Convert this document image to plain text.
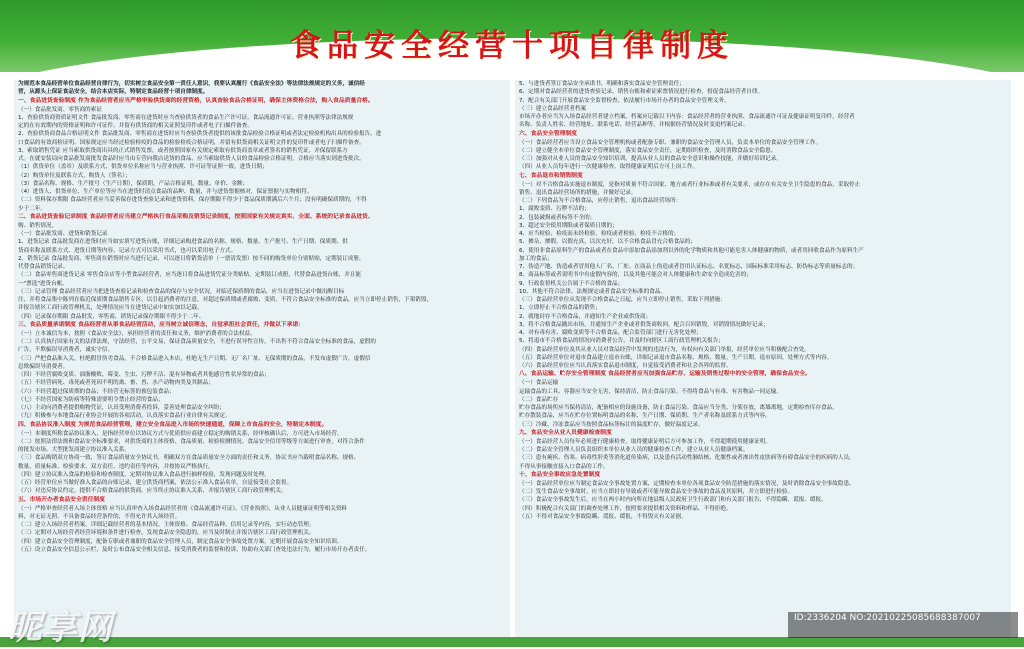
食品安全经营十项自律制度
为规范本食品经营单位食品经营自律行为，切实树立食品安全第一责任人意识，我要认真履行《食品安全法》等法律法规规定的义务，诚信经
营，从源头上保证食品安全，结合本店实际，特制定食品经营十项自律制度。
一、食品进货查验制度 作为食品经营者应当严格审验供货商的经营资格，认真查验食品合格证明，确保主体资格合法，购入食品质量合格。
（一）食品批发商、零售商的索证
1、查验供货商资质证明文件 食品批发商、零售商在进货时应当查验供货者的食品生产许可证、食品流通许可证、营业执照等法律法规规
定的在有效期内的资格证明和许可证件，并留有供货商的相关证照复印件或者电子扫描件备查。
2、查验供货商食品合格证明文件 食品批发商、零售商在进货时应当查验供货者提供的该批食品检验合格证明或者法定检验机构出具的检验报告，进
口食品的有效商检证明、国家规定应当经过检验检疫的食品的检验检疫合格证明，并留有供货商相关证明文件的复印件或者电子扫描件备查。
3、索取销售凭证 应当索取供货商出具的正式销售发票，或者按照国家有关规定索取有供货商盖章或者签名的销售凭证，并保留联系方
式。在就安装局向食品批发商批发食品时应当由专营向我店送货的食品，应当索取供货人员的食品检验合格证明，合格应当落实到进货批次。
（1）供货单位（盖章）及联系方式，供货单位名称应当与营业执照、许可证等证照一致，进货日期；
（2）购货单位及联系方式，购货人（签名）；
（3）食品名称、规格、生产批号（生产日期），保质期，产品合格证明，数量、单价、金额；
（4）进货人、供货单位、生产单位等应当在进货时清点食品的品种、数量，并与进货票据核对，保证票据与实物相符。
（二）资料保存期限 食品经营者应当妥善保存进货查验记录和进货资料，保存期限不得少于食品保质期满后六个月；没有明确保质期的，不得
少于二年。
二、食品进货查验记录制度 食品经营者应当建立严格执行食品采购及销货记录制度，按照国家有关规定真实、全面、系统的记录食品进货、
购、销售情况。
（一）食品批发商、进货和销货记录
1、进货记录 食品批发商在进货时应当如实填写进货台账，详细记录购进食品的名称、规格、数量、生产批号、生产日期、保质期、供
货商名称及联系方式、进货日期等内容，记录方式可以采用书式，也可以采用电子方式。
2、销货记录 食品批发商、零售商在销货时应当进行记录，可以逐日将销货清单（一票清发票）按不同的购货单位分别贴贴，定期装订成册，
代替食品销货记录。
（二）食品零售商进货记录 零售食杂店等小型食品经营者，应当逐日将食品进货凭证分类贴贴，定期装订成册，代替食品进货台账，并且能
一"票选"进货台帐。
（三）记录管理 食品经营者应当把进货查验记录和检查食品的保存与安全状况，对临近保质期的食品，应当在进货记录中做出醒目标
注，并将食品集中陈列在临近保质期食品销售专区，以引起消费者的注意。对超过保质期或者腐败、变质、不符合食品安全标准的食品，应当立即停止销售，下架销毁，
并报告辖区工商行政管理机关，处理情况应当在进货记录中如实加以记载。
（四）记录保存期限 食品批发、零售商，销货记录保存期限不得少于二年。
三、食品质量承诺制度 食品经营者从事食品经营活动，应当树立诚信理念，自觉承担社会责任，并做以下承诺：
（一）立本诚信为本，按照《食品安全法》，承担经营者的责任和义务，维护消费者的合法权益。
（二）认真执行国家有关的法律法规，守法经营，公平交易，保证食品质量安全，不进行误导性宣传，不出售不符合食品安全标准的食品，虚假的
广告，不欺骗误导消费者，诚实守信。
（三）严把食品准入关，杜绝假冒伪劣食品，不合格食品进入本店，杜绝无生产日期、无厂名厂址、无保质期的食品，不发布虚假广告，虚假信
息欺骗误导消费者。
（四）不经营腐败变质、油脂酸败、霉变、生虫、污秽不洁、混有异物或者其他感官性状异常的食品；
（五）不经营病死、毒死或者死因不明的禽、畜、兽、水产动物肉类及其制品；
（六）不经营超过保质期的食品；不经营无标签的预包装食品；
（七）不经营国家为防病等特殊需要明令禁止经营的食品；
（八）主动向消费者提供购物凭证，认真受理消费者投诉，妥善处理食品安全纠纷；
（九）积极参与本地食品行业协会开展的各项活动，认真落实食品行业自律有关规定。
四、食品协议准入制度 为规范食品经营管理，建立安全食品进入市场的快速通道，保障上市食品的安全，特制定本制度。
（一）本制度所称食品协议准入，是指经营单位以协议方式与优质供应商建立稳定的购销关系，经审核确认后，方可进入市场经营。
（二）按照法律法规和食品安全标准要求，对供货商的主体资格、食品质量、检验检测情况、食品安全信用等级等方面进行审查，对符合条件
的批发市场、大型批发商建立协议准入关系。
（三）食品购销双方协商一致，签订食品质量安全协议书，明确双方在食品质量安全方面的责任和义务，协议书应当载明食品名称、规格、
数量、质量标准、检验要求、双方责任、违约责任等内容，并按协议严格执行。
（四）建立协议准入食品的检验和检查制度，定期对协议准入食品进行抽样检验，发现问题及时处理。
（五）经营单位应当做好准入食品的台账记录，建立供货商档案，依法公示准入食品名单，自觉接受社会监督。
（六）对违反协议约定，提供不合格食品的供货商，应当终止协议准入关系，并报告辖区工商行政管理机关。
五、市场开办者食品安全责任制度
（一）严格审查经营者入场主体资格 应当认真审查入场食品经营者的《食品流通许可证》、《营业执照》，从业人员健康证明等相关资料
料，对无证无照、不具备食品经营条件的，不得允许其入场经营。
（二）建立入场经营者档案，详细记载经营者的基本情况、主体资格、食品经营品种、信用记录等内容，实行动态管理。
（三）定期对入场经营者经营环境和条件进行检查，发现食品安全隐患的，应当及时制止并报告辖区工商行政管理机关。
（四）建立食品安全管理制度，配备专职或者兼职的食品安全管理人员，制定食品安全事故处置方案，定期开展食品安全知识培训。
（五）设立食品安全信息公示栏，及时公布食品安全相关信息，接受消费者的监督和投诉，协助有关部门查处违法行为，履行市场开办者责任。
5、与进货者签订食品安全承诺书，明确和落实食品安全管理责任；
6、定期对食品经营者的进货查验记录、销售台账和索证索票情况进行检查，督促食品经营者自律。
7、配合有关部门开展食品安全监督检查，依法履行市场开办者的食品安全管理义务。
（三）建立食品经营者档案
市场开办者应当为入场食品经营者建立档案，档案应记载以下内容：食品经营者的营业执照、食品流通许可证及健康证明复印件，经营者
名称、负责人姓名、经营地址、联系电话、经营品种等，并根据经营情况及时变更档案记录。
六、食品安全管理制度
（一）食品经营者应当设立食品安全管理机构或者配备专职、兼职的食品安全管理人员，负责本单位的食品安全管理工作。
（二）建立健全本单位食品安全管理制度，落实食品安全责任，定期组织检查，及时消除食品安全隐患。
（三）加强对从业人员的食品安全知识培训，提高从业人员的食品安全意识和操作技能，并做好培训记录。
（四）从业人员每年进行一次健康检查，取得健康证明后方可上岗工作。
七、食品退市和销毁制度
（一）对不合格食品实施退市制度，是指对质量不符合国家、地方或者行业标准或者有关要求，或存在有关安全卫生隐患的食品，采取停止
销售、退出食品经营场所的措施，并做好记录。
（二）下列食品为不合格食品，应停止销售，退出食品经营场所：
1、腐败变质、污秽不洁的；
2、包装破损或者标签不全的；
3、超过安全使用期限或者保质日期的；
4、应当检验、检疫而未经检验、检疫或者检验、检疫不合格的；
5、掺杂、掺假，以假充真，以次充好，以不合格食品冒充合格食品的；
6、使用非食品原料生产的食品或者在食品中添加食品添加剂以外的化学物质和其他可能危害人体健康的物质，或者用回收食品作为原料生产
加工的食品；
7、伪造产地、伪造或者冒用他人厂名、厂址、在商品上伪造或者冒用认证标志、名优标志，国际标准采用标志、防伪标志等质量标志的；
8、商品标签或者说明书中有虚假内容的，以及其他可能会对人体健康和生命安全造成危害的；
9、行政监督机关公告属于不合格的食品；
10、其他不符合法律、法规规定或者食品安全标准的食品。
（三）食品经营单位从发现不合格食品之日起，应当立即停止销售，采取下列措施：
1、立即停止不合格食品的销售；
2、就地封存不合格食品，并通知生产企业或供货商；
3、将不合格食品撤出市场，并通知生产企业或者供货商收回，配合召回销毁，对销毁情况做好记录；
4、对有毒有害、腐败变质等不合格食品，配合监管部门进行无害化处理；
5、将退市不合格食品的情况向消费者公告，并及时向辖区工商行政管理机关报告；
（四）食品经营单位及其从业人员对食品经营中发现的违法行为，有权向有关部门举报，经营单位应当积极配合查处。
（五）食品经营单位对退市食品建立退市台账，详细记录退市食品名称、规格、数量、生产日期、退市原因、处理方式等内容。
（六）食品经营单位应当认真落实食品退市制度，自觉接受消费者和社会各界的监督。
八、食品运输、贮存安全管理制度 食品经营者应当加强食品贮存、运输及销售过程中的安全管理，确保食品安全。
（一）食品运输
运输食品的工具、容器应当安全无害，保持清洁，防止食品污染。不得将食品与有毒、有害物品一同运输。
（二）食品贮存
贮存食品的场所应当保持清洁，配备相应的设施设备，防止食品污染。食品应当分类、分架存放，离墙离地，定期检查库存食品。
贮存散装食品，应当在贮存位置标明食品的名称、生产日期、保质期、生产者名称及联系方式等内容。
（三）冷藏、冷冻食品应当按照食品标签标注的温度贮存，做好温度记录。
九、食品安全从业人员健康检查制度
（一）食品经营人员每年必须进行健康检查，取得健康证明后方可参加工作，不得超期使用健康证明。
（二）食品安全管理人员负责组织本单位从业人员的健康检查工作，建立从业人员健康档案。
（三）患有痢疾、伤寒、病毒性肝炎等消化道传染病，以及患有活动性肺结核、化脓性或者渗出性皮肤病等有碍食品安全的疾病的人员，
不得从事接触直接入口食品的工作。
十、食品安全事故应急处置制度
（一）食品经营单位应当制定食品安全事故处置方案，定期检查本单位各项食品安全防范措施的落实情况，及时消除食品安全事故隐患。
（二）发生食品安全事故时，应当立即封存导致或者可能导致食品安全事故的食品及其原料，并立即进行检验。
（三）食品安全事故发生后，应当在两小时内向所在地县级人民政府卫生行政部门和有关部门报告，不得隐瞒、谎报、缓报。
（四）积极配合有关部门的调查处理工作，按照要求提供相关资料和样品，不得拒绝。
（五）不得对食品安全事故隐瞒、谎报、缓报，不得毁灭有关证据。
昵享网	ID:2336204 NO:20210225085688387007
